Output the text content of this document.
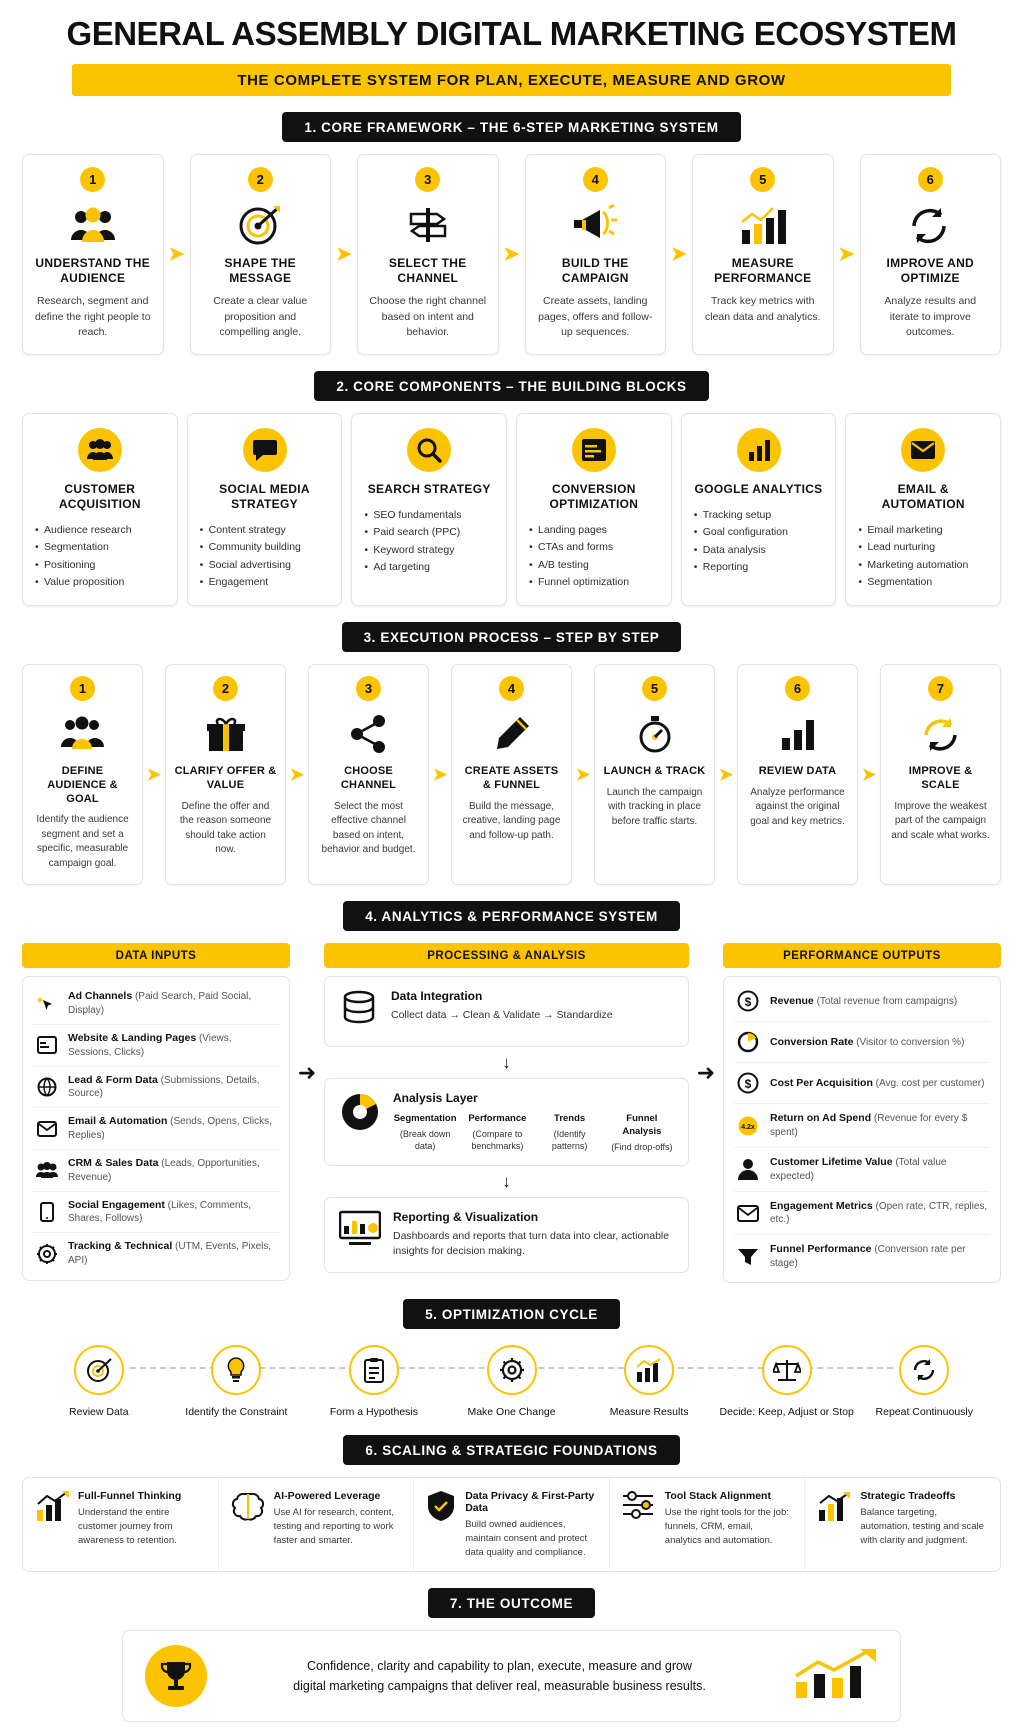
GENERAL ASSEMBLY DIGITAL MARKETING ECOSYSTEM
THE COMPLETE SYSTEM FOR PLAN, EXECUTE, MEASURE AND GROW
1. CORE FRAMEWORK – THE 6-STEP MARKETING SYSTEM
1
UNDERSTAND THE AUDIENCE
Research, segment and define the right people to reach.
➤
2
SHAPE THE MESSAGE
Create a clear value proposition and compelling angle.
➤
3
SELECT THE CHANNEL
Choose the right channel based on intent and behavior.
➤
4
BUILD THE CAMPAIGN
Create assets, landing pages, offers and follow-up sequences.
➤
5
MEASURE PERFORMANCE
Track key metrics with clean data and analytics.
➤
6
IMPROVE AND OPTIMIZE
Analyze results and iterate to improve outcomes.
2. CORE COMPONENTS – THE BUILDING BLOCKS
CUSTOMER ACQUISITION
• Audience research
• Segmentation
• Positioning
• Value proposition
SOCIAL MEDIA STRATEGY
• Content strategy
• Community building
• Social advertising
• Engagement
SEARCH STRATEGY
• SEO fundamentals
• Paid search (PPC)
• Keyword strategy
• Ad targeting
CONVERSION OPTIMIZATION
• Landing pages
• CTAs and forms
• A/B testing
• Funnel optimization
GOOGLE ANALYTICS
• Tracking setup
• Goal configuration
• Data analysis
• Reporting
EMAIL & AUTOMATION
• Email marketing
• Lead nurturing
• Marketing automation
• Segmentation
3. EXECUTION PROCESS – STEP BY STEP
1
DEFINE AUDIENCE & GOAL
Identify the audience segment and set a specific, measurable campaign goal.
➤
2
CLARIFY OFFER & VALUE
Define the offer and the reason someone should take action now.
➤
3
CHOOSE CHANNEL
Select the most effective channel based on intent, behavior and budget.
➤
4
CREATE ASSETS & FUNNEL
Build the message, creative, landing page and follow-up path.
➤
5
LAUNCH & TRACK
Launch the campaign with tracking in place before traffic starts.
➤
6
REVIEW DATA
Analyze performance against the original goal and key metrics.
➤
7
IMPROVE & SCALE
Improve the weakest part of the campaign and scale what works.
4. ANALYTICS & PERFORMANCE SYSTEM
DATA INPUTS
Ad Channels (Paid Search, Paid Social, Display)
Website & Landing Pages (Views, Sessions, Clicks)
Lead & Form Data (Submissions, Details, Source)
Email & Automation (Sends, Opens, Clicks, Replies)
CRM & Sales Data (Leads, Opportunities, Revenue)
Social Engagement (Likes, Comments, Shares, Follows)
Tracking & Technical (UTM, Events, Pixels, API)
➜
PROCESSING & ANALYSIS
Data Integration
Collect data → Clean & Validate → Standardize
↓
Analysis Layer
Segmentation
(Break down data)
Performance
(Compare to benchmarks)
Trends
(Identify patterns)
Funnel Analysis
(Find drop-offs)
↓
Reporting & Visualization
Dashboards and reports that turn data into clear, actionable insights for decision making.
➜
PERFORMANCE OUTPUTS
$ Revenue (Total revenue from campaigns)
Conversion Rate (Visitor to conversion %)
$ Cost Per Acquisition (Avg. cost per customer)
4.2x
Return on Ad Spend (Revenue for every $ spent)
Customer Lifetime Value (Total value expected)
Engagement Metrics (Open rate, CTR, replies, etc.)
Funnel Performance (Conversion rate per stage)
5. OPTIMIZATION CYCLE
Review Data	Identify the Constraint	Form a Hypothesis	Make One Change	Measure Results	Decide: Keep, Adjust or Stop	Repeat Continuously
6. SCALING & STRATEGIC FOUNDATIONS
Full-Funnel Thinking
Understand the entire customer journey from awareness to retention.
AI-Powered Leverage
Use AI for research, content, testing and reporting to work faster and smarter.
Data Privacy & First-Party Data
Build owned audiences, maintain consent and protect data quality and compliance.
Tool Stack Alignment
Use the right tools for the job: funnels, CRM, email, analytics and automation.
Strategic Tradeoffs
Balance targeting, automation, testing and scale with clarity and judgment.
7. THE OUTCOME
Confidence, clarity and capability to plan, execute, measure and grow
digital marketing campaigns that deliver real, measurable business results.
